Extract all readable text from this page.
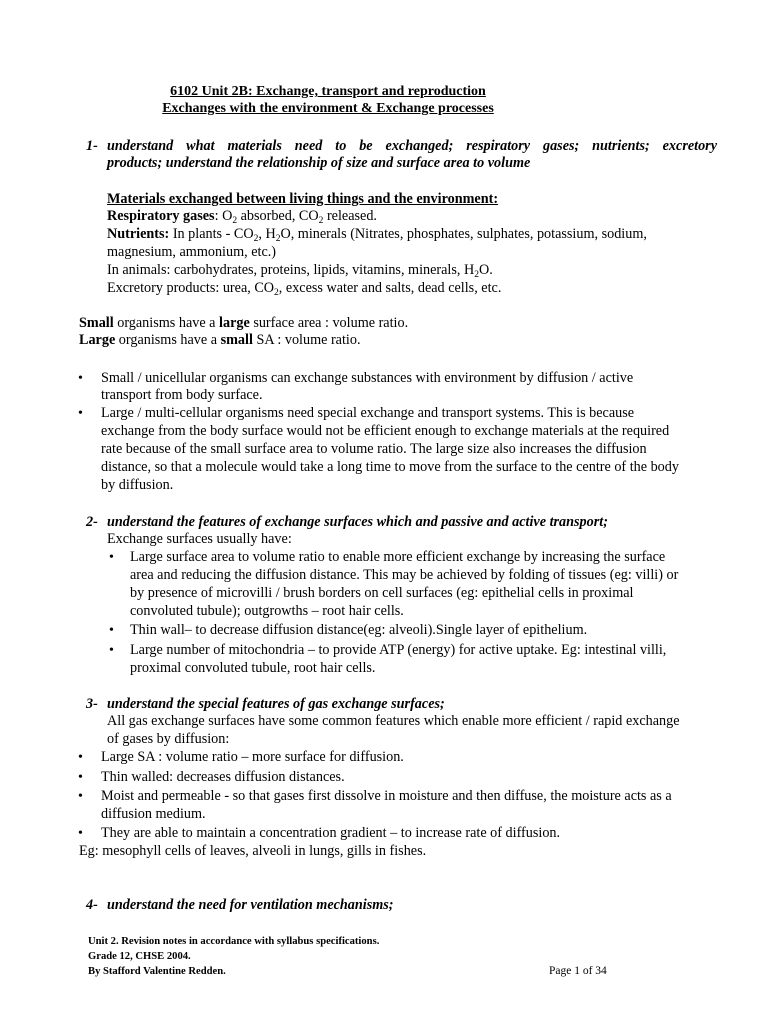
6102 Unit 2B: Exchange, transport and reproduction
Exchanges with the environment & Exchange processes
1- understand what materials need to be exchanged; respiratory gases; nutrients; excretory
products; understand the relationship of size and surface area to volume
Materials exchanged between living things and the environment:
Respiratory gases: $O_2$ absorbed, $CO_2$ released.
Nutrients: In plants - $CO_2$, $H_2O$, minerals (Nitrates, phosphates, sulphates, potassium, sodium,
magnesium, ammonium, etc.)
In animals: carbohydrates, proteins, lipids, vitamins, minerals, $H_2O$.
Excretory products: urea, $CO_2$, excess water and salts, dead cells, etc.
Small organisms have a large surface area : volume ratio.
Large organisms have a small SA : volume ratio.
• Small / unicellular organisms can exchange substances with environment by diffusion / active
transport from body surface.
• Large / multi-cellular organisms need special exchange and transport systems. This is because
exchange from the body surface would not be efficient enough to exchange materials at the required
rate because of the small surface area to volume ratio. The large size also increases the diffusion
distance, so that a molecule would take a long time to move from the surface to the centre of the body
by diffusion.
2- understand the features of exchange surfaces which and passive and active transport;
Exchange surfaces usually have:
• Large surface area to volume ratio to enable more efficient exchange by increasing the surface
area and reducing the diffusion distance. This may be achieved by folding of tissues (eg: villi) or
by presence of microvilli / brush borders on cell surfaces (eg: epithelial cells in proximal
convoluted tubule); outgrowths – root hair cells.
• Thin wall– to decrease diffusion distance(eg: alveoli).Single layer of epithelium.
• Large number of mitochondria – to provide ATP (energy) for active uptake. Eg: intestinal villi,
proximal convoluted tubule, root hair cells.
3- understand the special features of gas exchange surfaces;
All gas exchange surfaces have some common features which enable more efficient / rapid exchange
of gases by diffusion:
• Large SA : volume ratio – more surface for diffusion.
• Thin walled: decreases diffusion distances.
• Moist and permeable - so that gases first dissolve in moisture and then diffuse, the moisture acts as a
diffusion medium.
• They are able to maintain a concentration gradient – to increase rate of diffusion.
Eg: mesophyll cells of leaves, alveoli in lungs, gills in fishes.
4- understand the need for ventilation mechanisms;
Unit 2. Revision notes in accordance with syllabus specifications.
Grade 12, CHSE 2004.
By Stafford Valentine Redden.	Page 1 of 34
